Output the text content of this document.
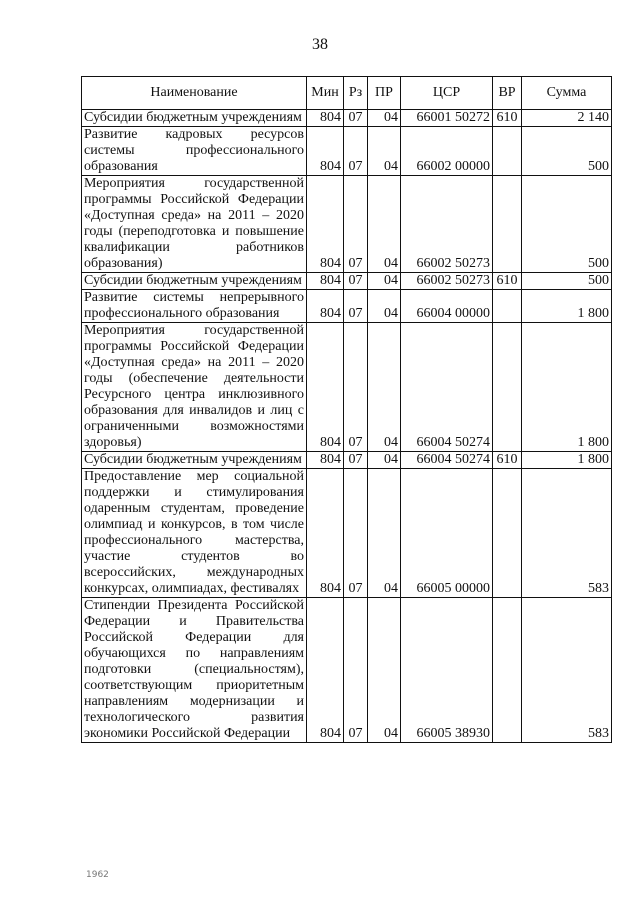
38
Наименование	Мин	Рз	ПР	ЦСР	ВР	Сумма

Субсидии бюджетным учреждениям	804	07	04	66001 50272	610	2 140

Развитие кадровых ресурсов системы профессионального образования	804	07	04	66002 00000		500

Мероприятия государственной программы Российской Федерации «Доступная среда» на 2011 – 2020 годы (переподготовка и повышение квалификации работников образования)	804	07	04	66002 50273		500

Субсидии бюджетным учреждениям	804	07	04	66002 50273	610	500

Развитие системы непрерывного профессионального образования	804	07	04	66004 00000		1 800

Мероприятия государственной программы Российской Федерации «Доступная среда» на 2011 – 2020 годы (обеспечение деятельности Ресурсного центра инклюзивного образования для инвалидов и лиц с ограниченными возможностями здоровья)	804	07	04	66004 50274		1 800

Субсидии бюджетным учреждениям	804	07	04	66004 50274	610	1 800

Предоставление мер социальной поддержки и стимулирования одаренным студентам, проведение олимпиад и конкурсов, в том числе профессионального мастерства, участие студентов во всероссийских, международных конкурсах, олимпиадах, фестивалях	804	07	04	66005 00000		583

Стипендии Президента Российской Федерации и Правительства Российской Федерации для обучающихся по направлениям подготовки (специальностям), соответствующим приоритетным направлениям модернизации и технологического развития экономики Российской Федерации	804	07	04	66005 38930		583
1962
